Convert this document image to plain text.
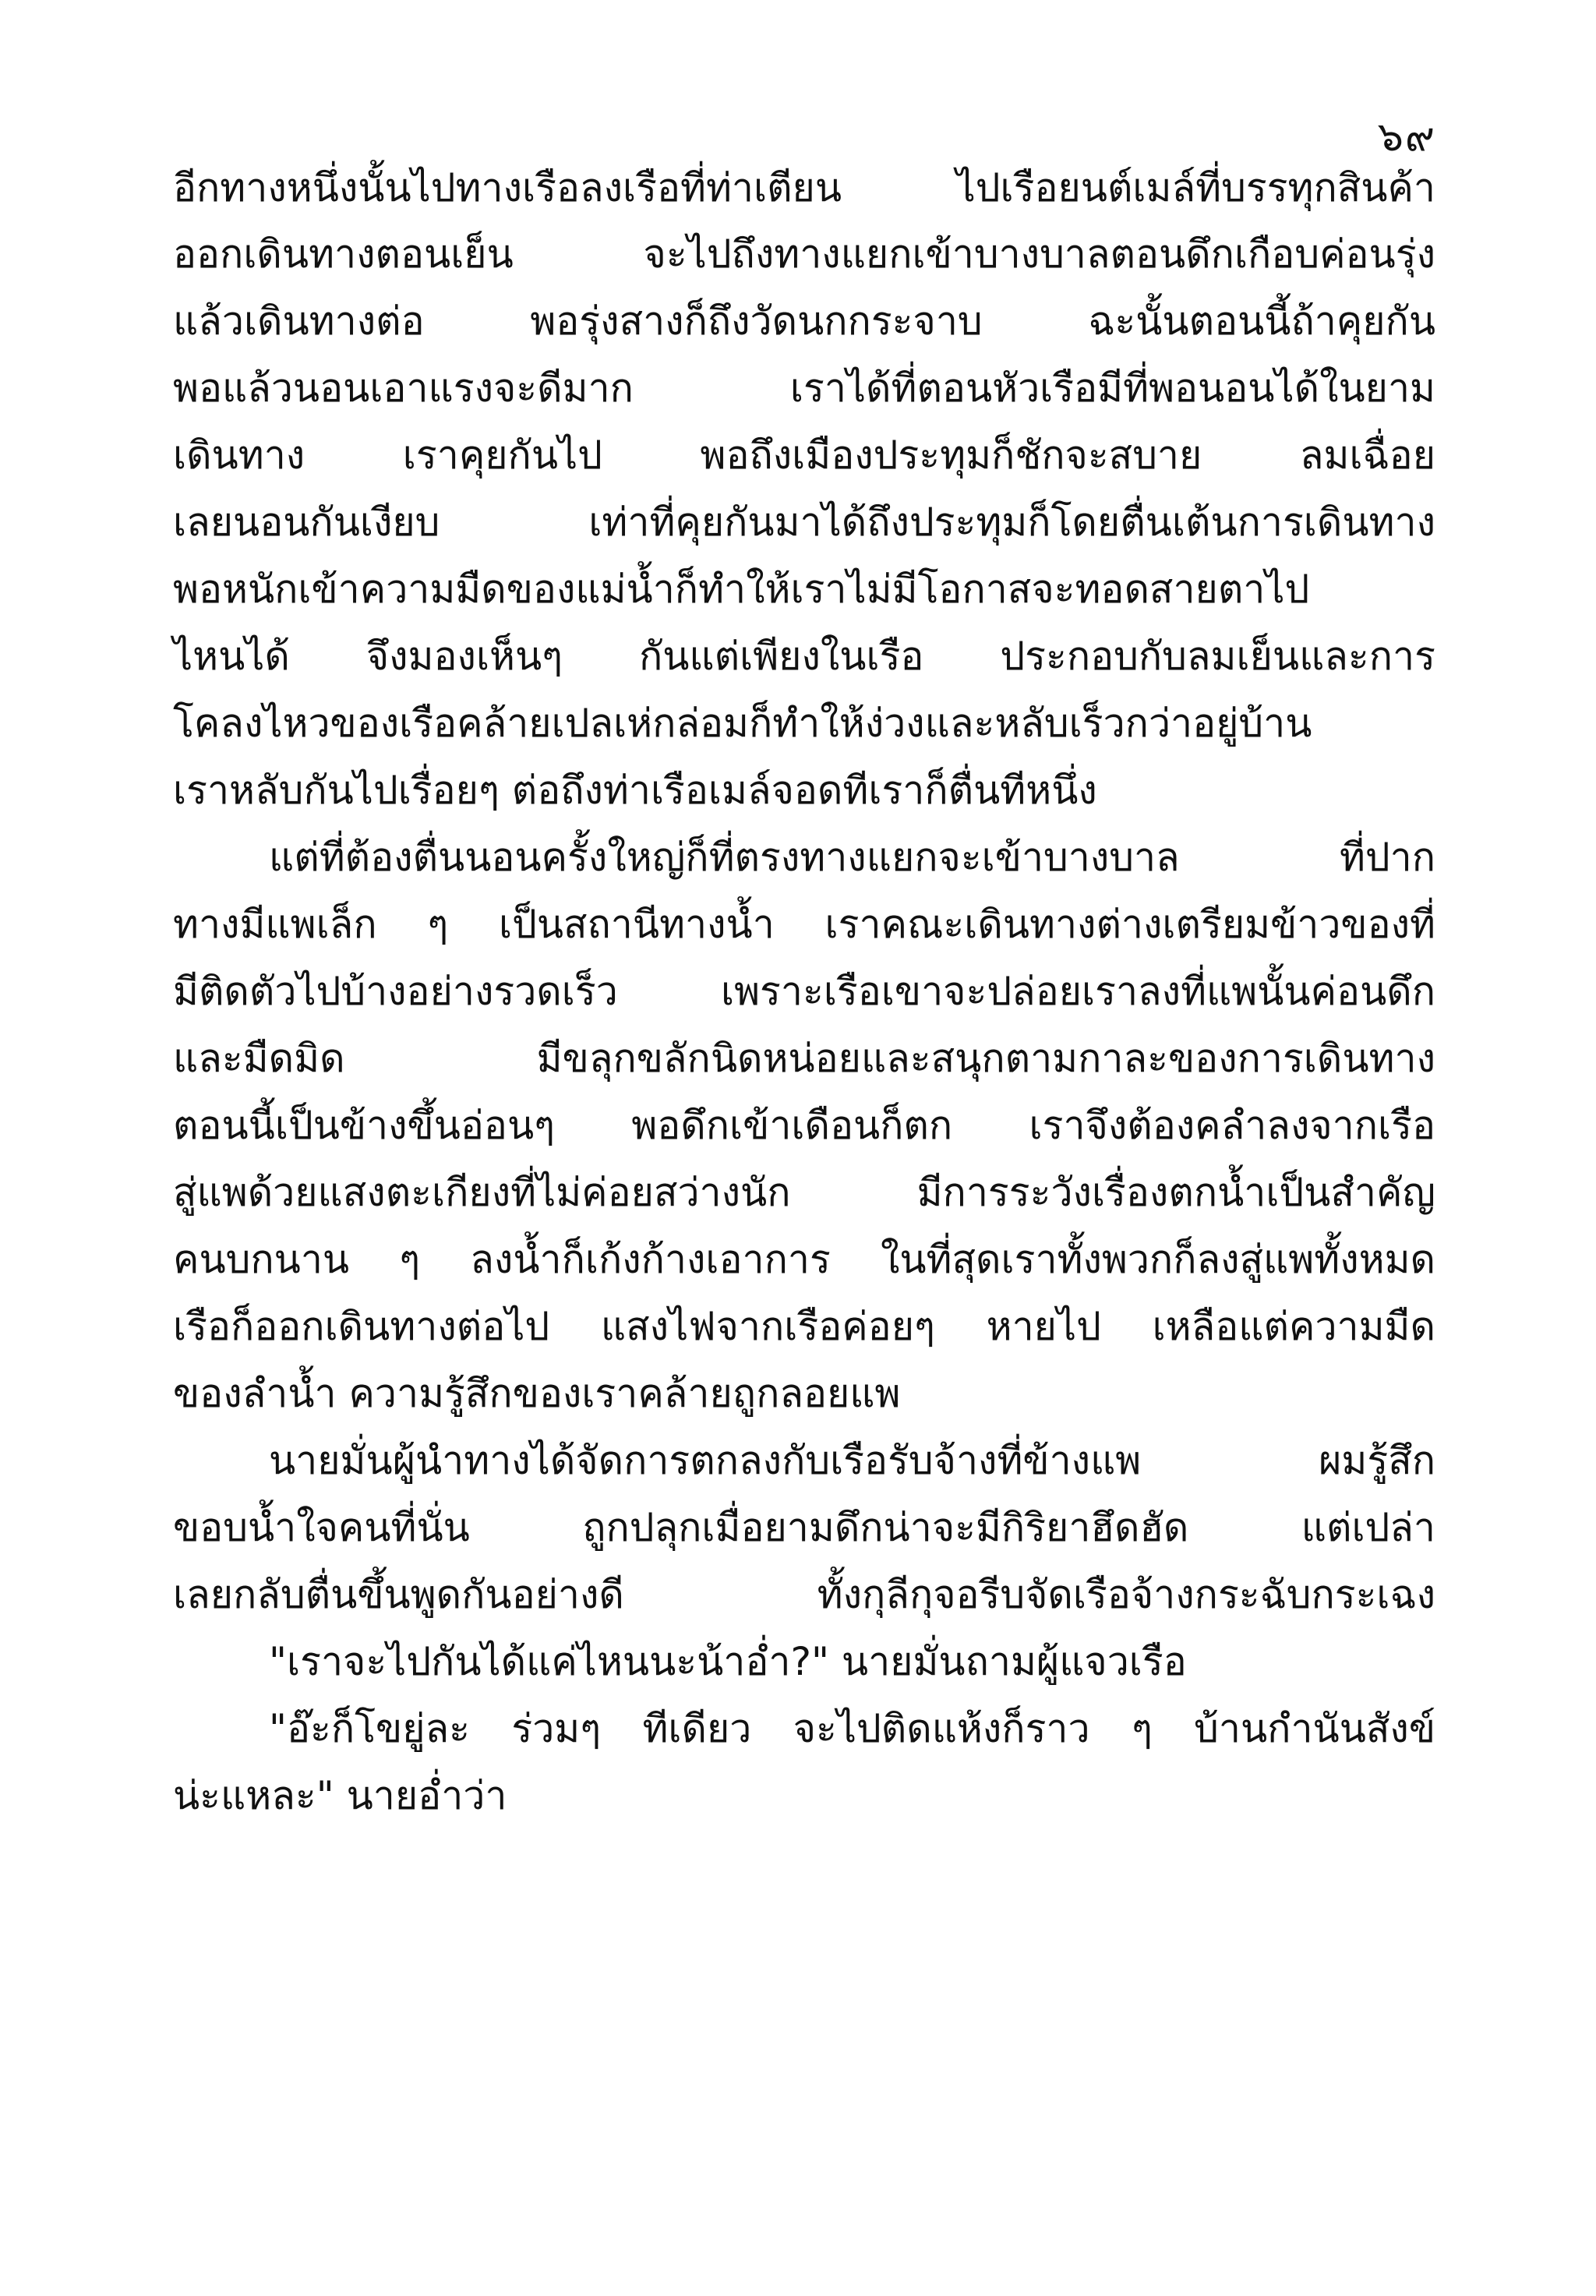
๖๙
อีกทางหนึ่งนั้นไปทางเรือลงเรือที่ท่าเตียน ไปเรือยนต์เมล์ที่บรรทุกสินค้า
ออกเดินทางตอนเย็น จะไปถึงทางแยกเข้าบางบาลตอนดึกเกือบค่อนรุ่ง
แล้วเดินทางต่อ พอรุ่งสางก็ถึงวัดนกกระจาบ ฉะนั้นตอนนี้ถ้าคุยกัน
พอแล้วนอนเอาแรงจะดีมาก เราได้ที่ตอนหัวเรือมีที่พอนอนได้ในยาม
เดินทาง เราคุยกันไป พอถึงเมืองประทุมก็ชักจะสบาย ลมเฉื่อย
เลยนอนกันเงียบ เท่าที่คุยกันมาได้ถึงประทุมก็โดยตื่นเต้นการเดินทาง
พอหนักเข้าความมืดของแม่น้ำก็ทำให้เราไม่มีโอกาสจะทอดสายตาไป
ไหนได้ จึงมองเห็นๆ กันแต่เพียงในเรือ ประกอบกับลมเย็นและการ
โคลงไหวของเรือคล้ายเปลเห่กล่อมก็ทำให้ง่วงและหลับเร็วกว่าอยู่บ้าน
เราหลับกันไปเรื่อยๆ ต่อถึงท่าเรือเมล์จอดทีเราก็ตื่นทีหนึ่ง
แต่ที่ต้องตื่นนอนครั้งใหญ่ก็ที่ตรงทางแยกจะเข้าบางบาล ที่ปาก
ทางมีแพเล็ก ๆ เป็นสถานีทางน้ำ เราคณะเดินทางต่างเตรียมข้าวของที่
มีติดตัวไปบ้างอย่างรวดเร็ว เพราะเรือเขาจะปล่อยเราลงที่แพนั้นค่อนดึก
และมืดมิด มีขลุกขลักนิดหน่อยและสนุกตามกาละของการเดินทาง
ตอนนี้เป็นข้างขึ้นอ่อนๆ พอดึกเข้าเดือนก็ตก เราจึงต้องคลำลงจากเรือ
สู่แพด้วยแสงตะเกียงที่ไม่ค่อยสว่างนัก มีการระวังเรื่องตกน้ำเป็นสำคัญ
คนบกนาน ๆ ลงน้ำก็เก้งก้างเอาการ ในที่สุดเราทั้งพวกก็ลงสู่แพทั้งหมด
เรือก็ออกเดินทางต่อไป แสงไฟจากเรือค่อยๆ หายไป เหลือแต่ความมืด
ของลำน้ำ ความรู้สึกของเราคล้ายถูกลอยแพ
นายมั่นผู้นำทางได้จัดการตกลงกับเรือรับจ้างที่ข้างแพ ผมรู้สึก
ขอบน้ำใจคนที่นั่น ถูกปลุกเมื่อยามดึกน่าจะมีกิริยาฮึดฮัด แต่เปล่า
เลยกลับตื่นขึ้นพูดกันอย่างดี ทั้งกุลีกุจอรีบจัดเรือจ้างกระฉับกระเฉง
"เราจะไปกันได้แค่ไหนนะน้าอ่ำ?" นายมั่นถามผู้แจวเรือ
"อ๊ะก็โขยู่ละ ร่วมๆ ทีเดียว จะไปติดแห้งก็ราว ๆ บ้านกำนันสังข์
น่ะแหละ" นายอ่ำว่า
